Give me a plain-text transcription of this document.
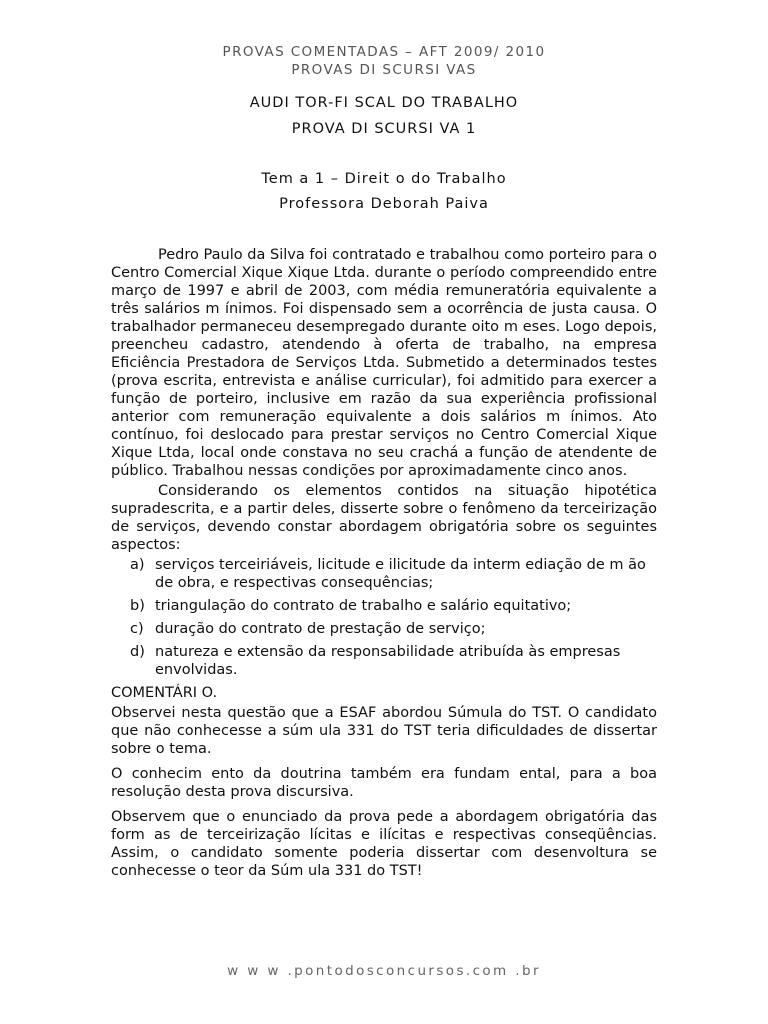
PROVAS COMENTADAS – AFT 2009/ 2010
PROVAS DI SCURSI VAS
AUDI TOR-FI SCAL DO TRABALHO
PROVA DI SCURSI VA 1
Tem a 1 – Direit o do Trabalho
Professora Deborah Paiva

Pedro Paulo da Silva foi contratado e trabalhou como porteiro para o Centro Comercial Xique Xique Ltda. durante o período compreendido entre março de 1997 e abril de 2003, com média remuneratória equivalente a três salários m ínimos. Foi dispensado sem a ocorrência de justa causa. O trabalhador permaneceu desempregado durante oito m eses. Logo depois, preencheu cadastro, atendendo à oferta de trabalho, na empresa Eficiência Prestadora de Serviços Ltda. Submetido a determinados testes (prova escrita, entrevista e análise curricular), foi admitido para exercer a função de porteiro, inclusive em razão da sua experiência profissional anterior com remuneração equivalente a dois salários m ínimos. Ato contínuo, foi deslocado para prestar serviços no Centro Comercial Xique Xique Ltda, local onde constava no seu crachá a função de atendente de público. Trabalhou nessas condições por aproximadamente cinco anos.

Considerando os elementos contidos na situação hipotética supradescrita, e a partir deles, disserte sobre o fenômeno da terceirização de serviços, devendo constar abordagem obrigatória sobre os seguintes aspectos:

a) serviços terceiriáveis, licitude e ilicitude da interm ediação de m ão de obra, e respectivas consequências;
b) triangulação do contrato de trabalho e salário equitativo;
c) duração do contrato de prestação de serviço;
d) natureza e extensão da responsabilidade atribuída às empresas envolvidas.

COMENTÁRI O.

Observei nesta questão que a ESAF abordou Súmula do TST. O candidato que não conhecesse a súm ula 331 do TST teria dificuldades de dissertar sobre o tema.

O conhecim ento da doutrina também era fundam ental, para a boa resolução desta prova discursiva.

Observem que o enunciado da prova pede a abordagem obrigatória das form as de terceirização lícitas e ilícitas e respectivas conseqüências. Assim, o candidato somente poderia dissertar com desenvoltura se conhecesse o teor da Súm ula 331 do TST!

w w w .pontodosconcursos.com .br
